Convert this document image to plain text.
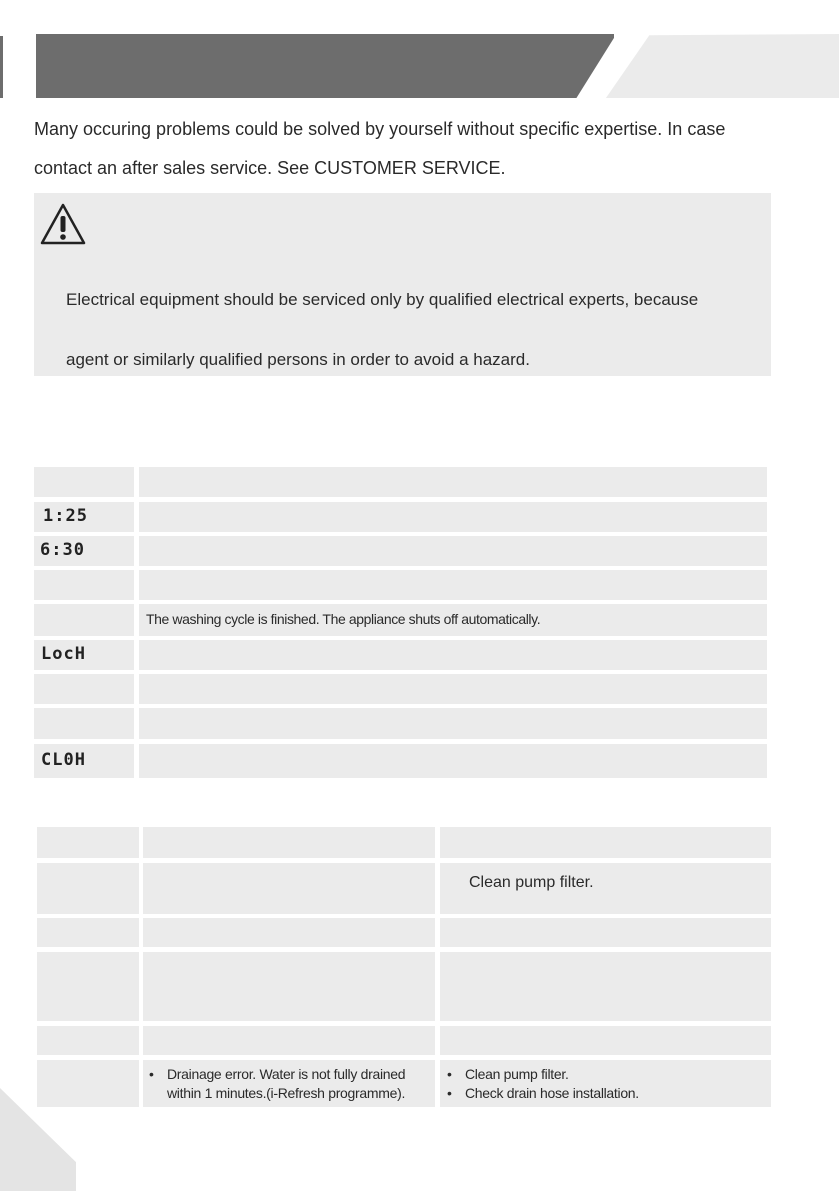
Many occuring problems could be solved by yourself without specific expertise. In case
contact an after sales service. See CUSTOMER SERVICE.
Electrical equipment should be serviced only by qualified electrical experts, because
agent or similarly qualified persons in order to avoid a hazard.
1:25
6:30
The washing cycle is finished. The appliance shuts off automatically.
LocH
CL0H
Clean pump filter.
• Drainage error. Water is not fully drained
within 1 minutes.(i-Refresh programme).
• Clean pump filter.
• Check drain hose installation.
